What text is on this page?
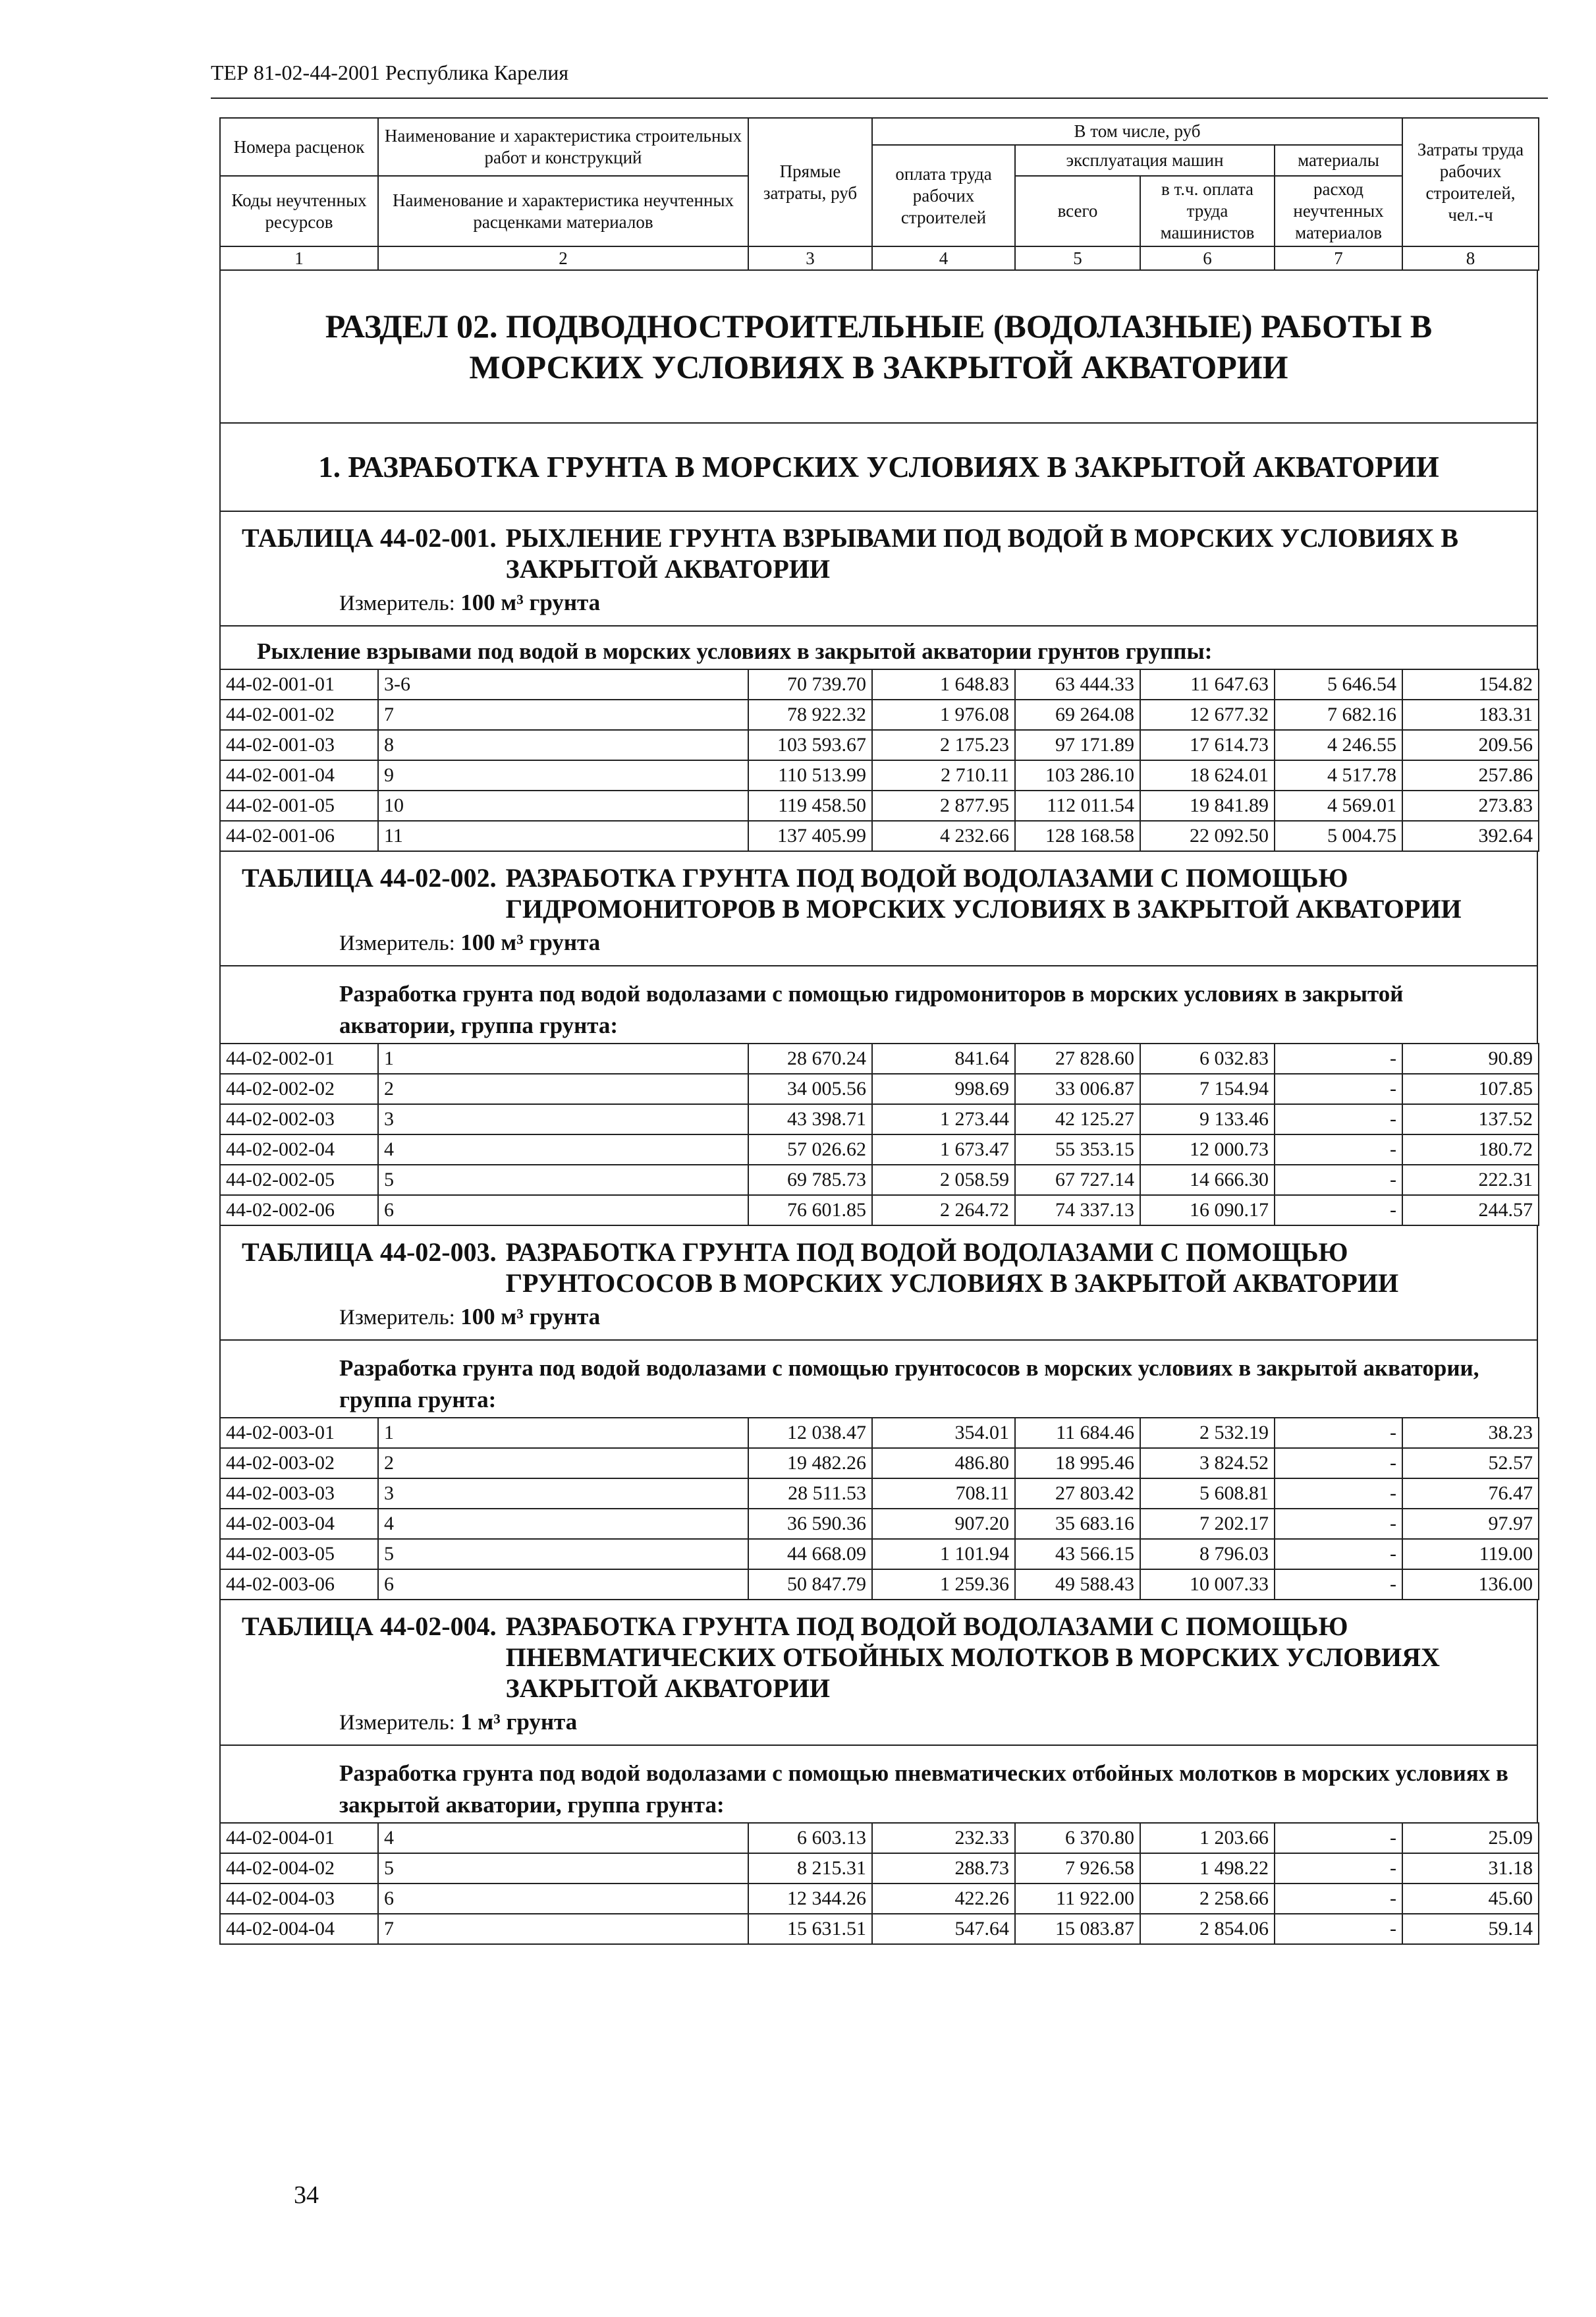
ТЕР 81-02-44-2001 Республика Карелия
Номера расценок	Наименование и характеристика строительных работ и конструкций	Прямые затраты, руб	В том числе, руб				Затраты труда рабочих строителей, чел.-ч
			оплата труда рабочих строителей	эксплуатация машин		материалы	
Коды неучтенных ресурсов	Наименование и характеристика неучтенных расценками материалов			всего	в т.ч. оплата труда машинистов	расход неучтенных материалов	

1	2	3	4	5	6	7	8
РАЗДЕЛ 02. ПОДВОДНОСТРОИТЕЛЬНЫЕ (ВОДОЛАЗНЫЕ) РАБОТЫ В МОРСКИХ УСЛОВИЯХ В ЗАКРЫТОЙ АКВАТОРИИ
1. РАЗРАБОТКА ГРУНТА В МОРСКИХ УСЛОВИЯХ В ЗАКРЫТОЙ АКВАТОРИИ
ТАБЛИЦА 44-02-001. РЫХЛЕНИЕ ГРУНТА ВЗРЫВАМИ ПОД ВОДОЙ В МОРСКИХ УСЛОВИЯХ В ЗАКРЫТОЙ АКВАТОРИИ
Измеритель: 100 м³ грунта
Рыхление взрывами под водой в морских условиях в закрытой акватории грунтов группы:
44-02-001-01	3-6	70 739.70	1 648.83	63 444.33	11 647.63	5 646.54	154.82
44-02-001-02	7	78 922.32	1 976.08	69 264.08	12 677.32	7 682.16	183.31
44-02-001-03	8	103 593.67	2 175.23	97 171.89	17 614.73	4 246.55	209.56
44-02-001-04	9	110 513.99	2 710.11	103 286.10	18 624.01	4 517.78	257.86
44-02-001-05	10	119 458.50	2 877.95	112 011.54	19 841.89	4 569.01	273.83
44-02-001-06	11	137 405.99	4 232.66	128 168.58	22 092.50	5 004.75	392.64
ТАБЛИЦА 44-02-002. РАЗРАБОТКА ГРУНТА ПОД ВОДОЙ ВОДОЛАЗАМИ С ПОМОЩЬЮ ГИДРОМОНИТОРОВ В МОРСКИХ УСЛОВИЯХ В ЗАКРЫТОЙ АКВАТОРИИ
Измеритель: 100 м³ грунта
Разработка грунта под водой водолазами с помощью гидромониторов в морских условиях в закрытой акватории, группа грунта:
44-02-002-01	1	28 670.24	841.64	27 828.60	6 032.83	-	90.89
44-02-002-02	2	34 005.56	998.69	33 006.87	7 154.94	-	107.85
44-02-002-03	3	43 398.71	1 273.44	42 125.27	9 133.46	-	137.52
44-02-002-04	4	57 026.62	1 673.47	55 353.15	12 000.73	-	180.72
44-02-002-05	5	69 785.73	2 058.59	67 727.14	14 666.30	-	222.31
44-02-002-06	6	76 601.85	2 264.72	74 337.13	16 090.17	-	244.57
ТАБЛИЦА 44-02-003. РАЗРАБОТКА ГРУНТА ПОД ВОДОЙ ВОДОЛАЗАМИ С ПОМОЩЬЮ ГРУНТОСОСОВ В МОРСКИХ УСЛОВИЯХ В ЗАКРЫТОЙ АКВАТОРИИ
Измеритель: 100 м³ грунта
Разработка грунта под водой водолазами с помощью грунтососов в морских условиях в закрытой акватории, группа грунта:
44-02-003-01	1	12 038.47	354.01	11 684.46	2 532.19	-	38.23
44-02-003-02	2	19 482.26	486.80	18 995.46	3 824.52	-	52.57
44-02-003-03	3	28 511.53	708.11	27 803.42	5 608.81	-	76.47
44-02-003-04	4	36 590.36	907.20	35 683.16	7 202.17	-	97.97
44-02-003-05	5	44 668.09	1 101.94	43 566.15	8 796.03	-	119.00
44-02-003-06	6	50 847.79	1 259.36	49 588.43	10 007.33	-	136.00
ТАБЛИЦА 44-02-004. РАЗРАБОТКА ГРУНТА ПОД ВОДОЙ ВОДОЛАЗАМИ С ПОМОЩЬЮ ПНЕВМАТИЧЕСКИХ ОТБОЙНЫХ МОЛОТКОВ В МОРСКИХ УСЛОВИЯХ ЗАКРЫТОЙ АКВАТОРИИ
Измеритель: 1 м³ грунта
Разработка грунта под водой водолазами с помощью пневматических отбойных молотков в морских условиях в закрытой акватории, группа грунта:
44-02-004-01	4	6 603.13	232.33	6 370.80	1 203.66	-	25.09
44-02-004-02	5	8 215.31	288.73	7 926.58	1 498.22	-	31.18
44-02-004-03	6	12 344.26	422.26	11 922.00	2 258.66	-	45.60
44-02-004-04	7	15 631.51	547.64	15 083.87	2 854.06	-	59.14
34
